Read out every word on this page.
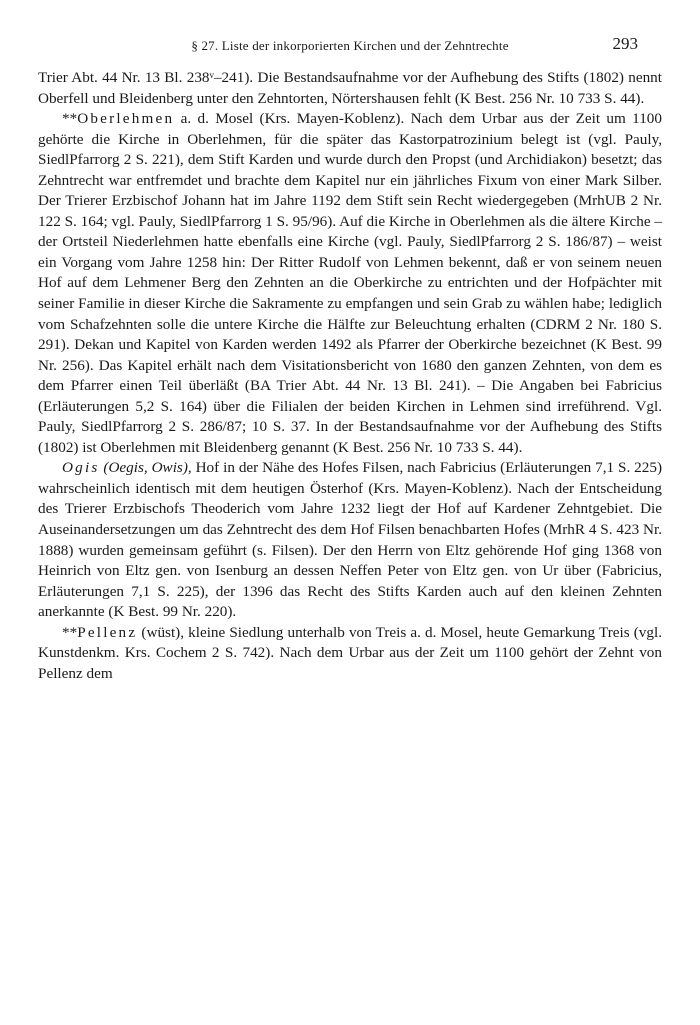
§ 27. Liste der inkorporierten Kirchen und der Zehntrechte	293

Trier Abt. 44 Nr. 13 Bl. 238ᵛ–241). Die Bestandsaufnahme vor der Aufhebung des Stifts (1802) nennt Oberfell und Bleidenberg unter den Zehntorten, Nörtershausen fehlt (K Best. 256 Nr. 10 733 S. 44).

**Oberlehmen a. d. Mosel (Krs. Mayen-Koblenz). Nach dem Urbar aus der Zeit um 1100 gehörte die Kirche in Oberlehmen, für die später das Kastorpatrozinium belegt ist (vgl. Pauly, SiedlPfarrorg 2 S. 221), dem Stift Karden und wurde durch den Propst (und Archidiakon) besetzt; das Zehntrecht war entfremdet und brachte dem Kapitel nur ein jährliches Fixum von einer Mark Silber. Der Trierer Erzbischof Johann hat im Jahre 1192 dem Stift sein Recht wiedergegeben (MrhUB 2 Nr. 122 S. 164; vgl. Pauly, SiedlPfarrorg 1 S. 95/96). Auf die Kirche in Oberlehmen als die ältere Kirche – der Ortsteil Niederlehmen hatte ebenfalls eine Kirche (vgl. Pauly, SiedlPfarrorg 2 S. 186/87) – weist ein Vorgang vom Jahre 1258 hin: Der Ritter Rudolf von Lehmen bekennt, daß er von seinem neuen Hof auf dem Lehmener Berg den Zehnten an die Oberkirche zu entrichten und der Hofpächter mit seiner Familie in dieser Kirche die Sakramente zu empfangen und sein Grab zu wählen habe; lediglich vom Schafzehnten solle die untere Kirche die Hälfte zur Beleuchtung erhalten (CDRM 2 Nr. 180 S. 291). Dekan und Kapitel von Karden werden 1492 als Pfarrer der Oberkirche bezeichnet (K Best. 99 Nr. 256). Das Kapitel erhält nach dem Visitationsbericht von 1680 den ganzen Zehnten, von dem es dem Pfarrer einen Teil überläßt (BA Trier Abt. 44 Nr. 13 Bl. 241). – Die Angaben bei Fabricius (Erläuterungen 5,2 S. 164) über die Filialen der beiden Kirchen in Lehmen sind irreführend. Vgl. Pauly, SiedlPfarrorg 2 S. 286/87; 10 S. 37. In der Bestandsaufnahme vor der Aufhebung des Stifts (1802) ist Oberlehmen mit Bleidenberg genannt (K Best. 256 Nr. 10 733 S. 44).

Ogis (Oegis, Owis), Hof in der Nähe des Hofes Filsen, nach Fabricius (Erläuterungen 7,1 S. 225) wahrscheinlich identisch mit dem heutigen Österhof (Krs. Mayen-Koblenz). Nach der Entscheidung des Trierer Erzbischofs Theoderich vom Jahre 1232 liegt der Hof auf Kardener Zehntgebiet. Die Auseinandersetzungen um das Zehntrecht des dem Hof Filsen benachbarten Hofes (MrhR 4 S. 423 Nr. 1888) wurden gemeinsam geführt (s. Filsen). Der den Herrn von Eltz gehörende Hof ging 1368 von Heinrich von Eltz gen. von Isenburg an dessen Neffen Peter von Eltz gen. von Ur über (Fabricius, Erläuterungen 7,1 S. 225), der 1396 das Recht des Stifts Karden auch auf den kleinen Zehnten anerkannte (K Best. 99 Nr. 220).

**Pellenz (wüst), kleine Siedlung unterhalb von Treis a. d. Mosel, heute Gemarkung Treis (vgl. Kunstdenkm. Krs. Cochem 2 S. 742). Nach dem Urbar aus der Zeit um 1100 gehört der Zehnt von Pellenz dem
